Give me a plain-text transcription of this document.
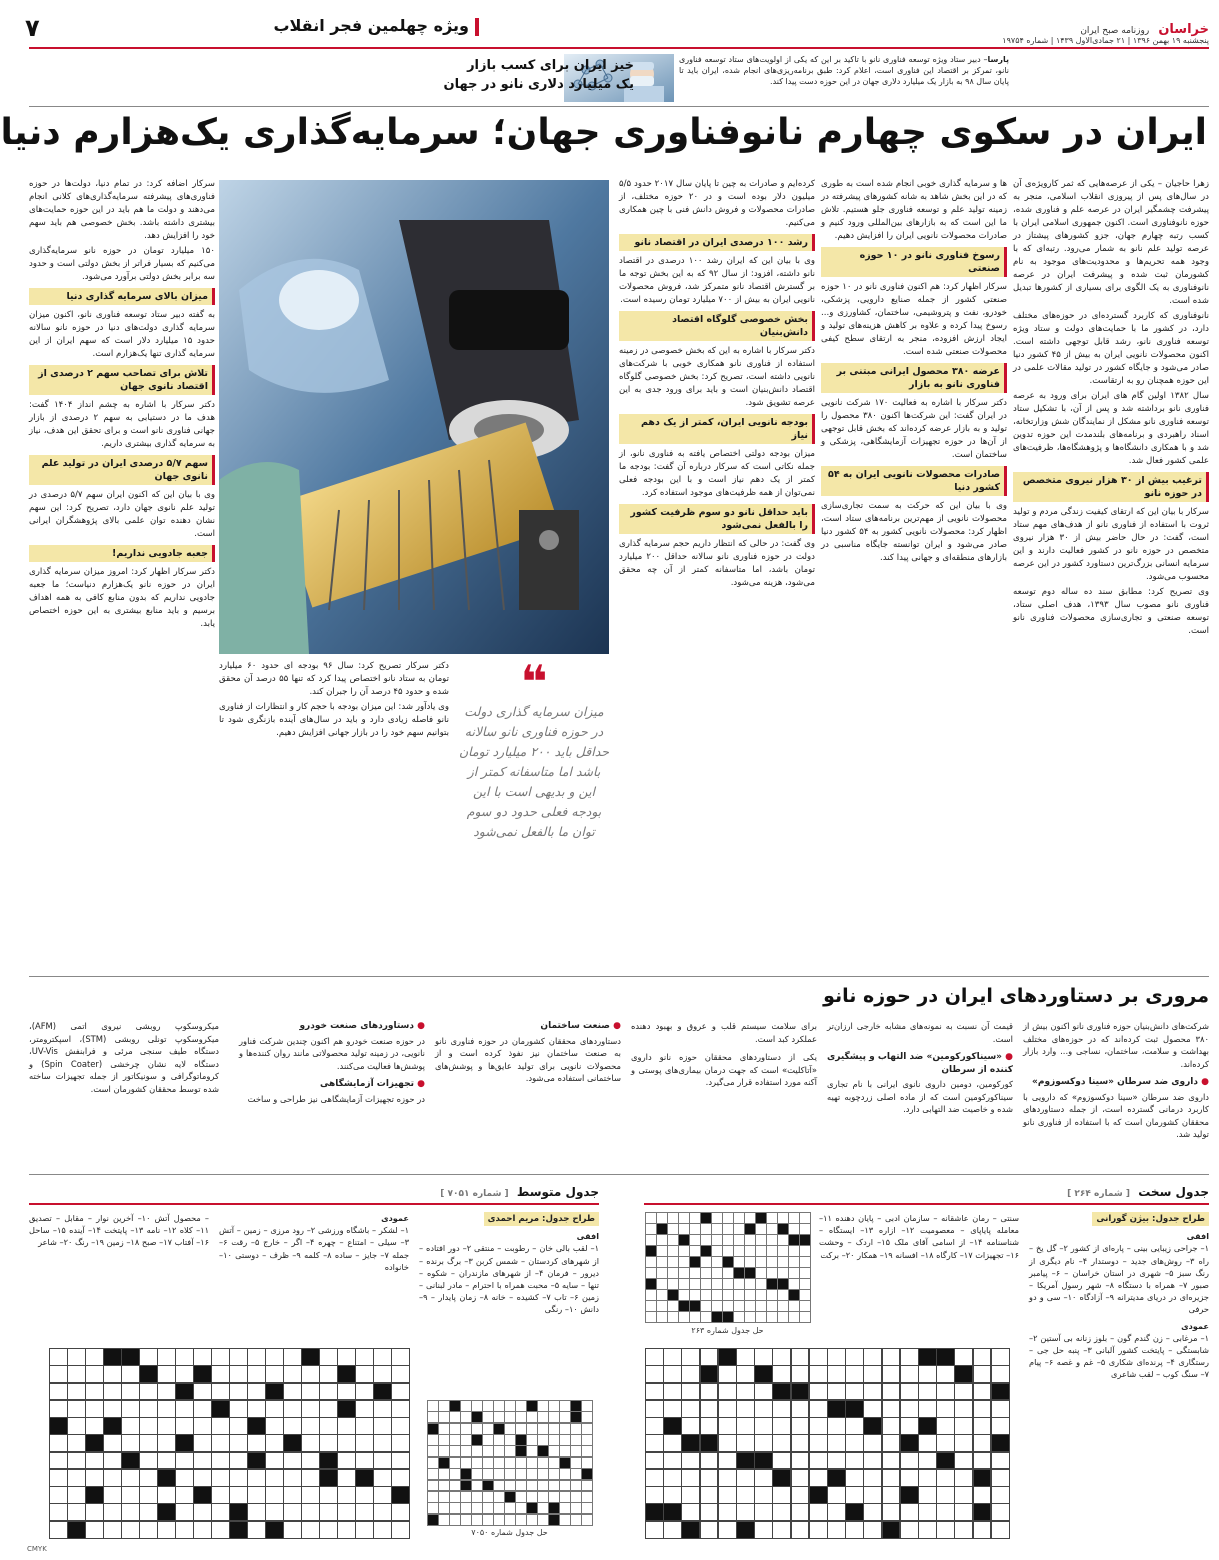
خراسان روزنامه صبح ایران
ویژه چهلمین فجر انقلاب
۷	پنجشنبه ۱۹ بهمن ۱۳۹۶ | ۲۱ جمادی‌الاول ۱۴۳۹ | شماره ۱۹۷۵۴
پارسا– دبیر ستاد ویژه توسعه فناوری نانو با تاکید بر این که یکی از اولویت‌های ستاد توسعه فناوری نانو، تمرکز بر اقتصاد این فناوری است، اعلام کرد: طبق برنامه‌ریزی‌های انجام شده، ایران باید تا پایان سال ۹۸ به بازار یک میلیارد دلاری جهان در این حوزه دست پیدا کند.
خیز ایران برای کسب بازار
یک میلیارد دلاری نانو در جهان
ایران در سکوی چهارم نانوفناوری جهان؛ سرمایه‌گذاری یک‌هزارم دنیا

زهرا حاجیان – یکی از عرصه‌هایی که ثمر کارویژه‌ی آن در سال‌های پس از پیروزی انقلاب اسلامی، منجر به پیشرفت چشمگیر ایران در عرصه علم و فناوری شده، حوزه نانوفناوری است. اکنون جمهوری اسلامی ایران با کسب رتبه چهارم جهان، جزو کشورهای پیشتاز در عرصه تولید علم نانو به شمار می‌رود. رتبه‌ای که با وجود همه تحریم‌ها و محدودیت‌های موجود به نام کشورمان ثبت شده و پیشرفت ایران در عرصه نانوفناوری به یک الگوی برای بسیاری از کشورها تبدیل شده است.

نانوفناوری که کاربرد گسترده‌ای در حوزه‌های مختلف دارد، در کشور ما با حمایت‌های دولت و ستاد ویژه توسعه فناوری نانو، رشد قابل توجهی داشته است. اکنون محصولات نانویی ایران به بیش از ۴۵ کشور دنیا صادر می‌شود و جایگاه کشور در تولید مقالات علمی در این حوزه همچنان رو به ارتقاست.

سال ۱۳۸۲ اولین گام های ایران برای ورود به عرصه فناوری نانو برداشته شد و پس از آن، با تشکیل ستاد توسعه فناوری نانو مشکل از نمایندگان شش وزارتخانه، اسناد راهبردی و برنامه‌های بلندمدت این حوزه تدوین شد و با همکاری دانشگاه‌ها و پژوهشگاه‌ها، ظرفیت‌های علمی کشور فعال شد.

ترغیب بیش از ۳۰ هزار نیروی متخصص در حوزه نانو

سرکار با بیان این که ارتقای کیفیت زندگی مردم و تولید ثروت با استفاده از فناوری نانو از هدف‌های مهم ستاد است، گفت: در حال حاضر بیش از ۳۰ هزار نیروی متخصص در حوزه نانو در کشور فعالیت دارند و این سرمایه انسانی بزرگ‌ترین دستاورد کشور در این عرصه محسوب می‌شود.

وی تصریح کرد: مطابق سند ده ساله دوم توسعه فناوری نانو مصوب سال ۱۳۹۳، هدف اصلی ستاد، توسعه صنعتی و تجاری‌سازی محصولات فناوری نانو است.

ها و سرمایه گذاری خوبی انجام شده است به طوری که در این بخش شاهد به شانه کشورهای پیشرفته در زمینه تولید علم و توسعه فناوری جلو هستیم. تلاش ما این است که به بازارهای بین‌المللی ورود کنیم و صادرات محصولات نانویی ایران را افزایش دهیم.

رسوخ فناوری نانو در ۱۰ حوزه صنعتی

سرکار اظهار کرد: هم اکنون فناوری نانو در ۱۰ حوزه صنعتی کشور از جمله صنایع دارویی، پزشکی، خودرو، نفت و پتروشیمی، ساختمان، کشاورزی و... رسوخ پیدا کرده و علاوه بر کاهش هزینه‌های تولید و ایجاد ارزش افزوده، منجر به ارتقای سطح کیفی محصولات صنعتی شده است.

عرضه ۳۸۰ محصول ایرانی مبتنی بر فناوری نانو به بازار

دکتر سرکار با اشاره به فعالیت ۱۷۰ شرکت نانویی در ایران گفت: این شرکت‌ها اکنون ۳۸۰ محصول را تولید و به بازار عرضه کرده‌اند که بخش قابل توجهی از آن‌ها در حوزه تجهیزات آزمایشگاهی، پزشکی و ساختمان است.

صادرات محصولات نانویی ایران به ۵۴ کشور دنیا

وی با بیان این که حرکت به سمت تجاری‌سازی محصولات نانویی از مهم‌ترین برنامه‌های ستاد است، اظهار کرد: محصولات نانویی کشور به ۵۴ کشور دنیا صادر می‌شود و ایران توانسته جایگاه مناسبی در بازارهای منطقه‌ای و جهانی پیدا کند.

کرده‌ایم و صادرات به چین تا پایان سال ۲۰۱۷ حدود ۵/۵ میلیون دلار بوده است و در ۲۰ حوزه مختلف، از صادرات محصولات و فروش دانش فنی با چین همکاری می‌کنیم.

رشد ۱۰۰ درصدی ایران در اقتصاد نانو

وی با بیان این که ایران رشد ۱۰۰ درصدی در اقتصاد نانو داشته، افزود: از سال ۹۲ که به این بخش توجه ما بر گسترش اقتصاد نانو متمرکز شد، فروش محصولات نانویی ایران به بیش از ۷۰۰ میلیارد تومان رسیده است.

بخش خصوصی گلوگاه اقتصاد دانش‌بنیان

دکتر سرکار با اشاره به این که بخش خصوصی در زمینه استفاده از فناوری نانو همکاری خوبی با شرکت‌های نانویی داشته است، تصریح کرد: بخش خصوصی گلوگاه اقتصاد دانش‌بنیان است و باید برای ورود جدی به این عرصه تشویق شود.

بودجه نانویی ایران، کمتر از یک دهم نیاز

میزان بودجه دولتی اختصاص یافته به فناوری نانو، از جمله نکاتی است که سرکار درباره آن گفت: بودجه ما کمتر از یک دهم نیاز است و با این بودجه فعلی نمی‌توان از همه ظرفیت‌های موجود استفاده کرد.

باید حداقل نانو دو سوم ظرفیت کشور را بالفعل نمی‌شود

وی گفت: در حالی که انتظار داریم حجم سرمایه گذاری دولت در حوزه فناوری نانو سالانه حداقل ۲۰۰ میلیارد تومان باشد، اما متاسفانه کمتر از آن چه محقق می‌شود، هزینه می‌شود.

دکتر سرکار تصریح کرد: سال ۹۶ بودجه ای حدود ۶۰ میلیارد تومان به ستاد نانو اختصاص پیدا کرد که تنها ۵۵ درصد آن محقق شده و حدود ۴۵ درصد آن را جبران کند.

وی یادآور شد: این میزان بودجه با حجم کار و انتظارات از فناوری نانو فاصله زیادی دارد و باید در سال‌های آینده بازنگری شود تا بتوانیم سهم خود را در بازار جهانی افزایش دهیم.

❝
میزان سرمایه گذاری دولت در حوزه فناوری نانو سالانه حداقل باید ۲۰۰ میلیارد تومان باشد اما متاسفانه کمتر از این و بدیهی است با این بودجه فعلی حدود دو سوم توان ما بالفعل نمی‌شود

سرکار اضافه کرد: در تمام دنیا، دولت‌ها در حوزه فناوری‌های پیشرفته سرمایه‌گذاری‌های کلانی انجام می‌دهند و دولت ما هم باید در این حوزه حمایت‌های بیشتری داشته باشد. بخش خصوصی هم باید سهم خود را افزایش دهد.

۱۵۰ میلیارد تومان در حوزه نانو سرمایه‌گذاری می‌کنیم که بسیار فراتر از بخش دولتی است و حدود سه برابر بخش دولتی برآورد می‌شود.

میزان بالای سرمایه گذاری دنیا

به گفته دبیر ستاد توسعه فناوری نانو، اکنون میزان سرمایه گذاری دولت‌های دنیا در حوزه نانو سالانه حدود ۱۵ میلیارد دلار است که سهم ایران از این سرمایه گذاری تنها یک‌هزارم است.

تلاش برای تصاحب سهم ۲ درصدی از اقتصاد نانوی جهان

دکتر سرکار با اشاره به چشم انداز ۱۴۰۴ گفت: هدف ما در دستیابی به سهم ۲ درصدی از بازار جهانی فناوری نانو است و برای تحقق این هدف، نیاز به سرمایه گذاری بیشتری داریم.

سهم ۵/۷ درصدی ایران در تولید علم نانوی جهان

وی با بیان این که اکنون ایران سهم ۵/۷ درصدی در تولید علم نانوی جهان دارد، تصریح کرد: این سهم نشان دهنده توان علمی بالای پژوهشگران ایرانی است.

جعبه جادویی نداریم!

دکتر سرکار اظهار کرد: امروز میزان سرمایه گذاری ایران در حوزه نانو یک‌هزارم دنیاست؛ ما جعبه جادویی نداریم که بدون منابع کافی به همه اهداف برسیم و باید منابع بیشتری به این حوزه اختصاص یابد.

مروری بر دستاوردهای ایران در حوزه نانو

شرکت‌های دانش‌بنیان حوزه فناوری نانو اکنون بیش از ۳۸۰ محصول ثبت کرده‌اند که در حوزه‌های مختلف بهداشت و سلامت، ساختمان، نساجی و... وارد بازار کرده‌اند.

● داروی ضد سرطان «سینا دوکسوزوم»

داروی ضد سرطان «سینا دوکسوزوم» که دارویی با کاربرد درمانی گسترده است، از جمله دستاوردهای محققان کشورمان است که با استفاده از فناوری نانو تولید شد.

قیمت آن نسبت به نمونه‌های مشابه خارجی ارزان‌تر است.

● «سیناکورکومین» ضد التهاب و پیشگیری کننده از سرطان

کورکومین، دومین داروی نانوی ایرانی با نام تجاری سیناکورکومین است که از ماده اصلی زردچوبه تهیه شده و خاصیت ضد التهابی دارد.

برای سلامت سیستم قلب و عروق و بهبود دهنده عملکرد کبد است.

یکی از دستاوردهای محققان حوزه نانو داروی «آتاکلیت» است که جهت درمان بیماری‌های پوستی و آکنه مورد استفاده قرار می‌گیرد.

● صنعت ساختمان

دستاوردهای محققان کشورمان در حوزه فناوری نانو به صنعت ساختمان نیز نفوذ کرده است و از محصولات نانویی برای تولید عایق‌ها و پوشش‌های ساختمانی استفاده می‌شود.

● دستاوردهای صنعت خودرو

در حوزه صنعت خودرو هم اکنون چندین شرکت فناور نانویی، در زمینه تولید محصولاتی مانند روان کننده‌ها و پوشش‌ها فعالیت می‌کنند.

● تجهیزات آزمایشگاهی

در حوزه تجهیزات آزمایشگاهی نیز طراحی و ساخت

میکروسکوپ روبشی نیروی اتمی (AFM)، میکروسکوپ تونلی روبشی (STM)، اسپکترومتر، دستگاه طیف سنجی مرئی و فرابنفش UV-Vis، دستگاه لایه نشان چرخشی (Spin Coater) و کروماتوگرافی و سونیکاتور از جمله تجهیزات ساخته شده توسط محققان کشورمان است.

جدول سخت [ شماره ۲۶۴ ]
جدول متوسط [ شماره ۷۰۵۱ ]
طراح جدول: بیژن گورانی
افقی
۱– جراحی زیبایی بینی – پاره‌ای از کشور ۲– گل یخ – راه ۳– روش‌های جدید – دوستدار ۴– نام دیگری از رنگ سبز ۵– شهری در استان خراسان – ۶– پیامبر صبور ۷– همراه با دستگاه ۸– شهر رسول آمریکا – جزیره‌ای در دریای مدیترانه ۹– آزادگاه ۱۰– سی و دو حرفی
عمودی
۱– مرغابی – زن گندم گون – بلوز زنانه بی آستین ۲– شابستگی – پایتخت کشور آلبانی ۳– پنبه حل جی – رستگاری ۴– پرنده‌ای شکاری ۵– غم و غصه ۶– پیام ۷– سنگ کوب – لقب شاعری
سنتی – رمان عاشقانه – سازمان ادبی – پایان دهنده ۱۱– معامله پایاپای – معصومیت ۱۲– ازاره ۱۳– ایستگاه – شناسنامه ۱۴– از اسامی آقای ملک ۱۵– اردک – وحشت ۱۶– تجهیزات ۱۷– کارگاه ۱۸– افسانه ۱۹– همکار ۲۰– برکت
حل جدول شماره ۲۶۳
طراح جدول: مریم احمدی
افقی
۱– لقب بالی خان – رطوبت – منتقی ۲– دور افتاده – از شهرهای کردستان – شمس کربن ۳– برگ برنده – دیرور – فرمان ۴– از شهرهای مازندران – شکوه – تنها – سایه ۵– محبت همراه با احترام – مادر لبنانی – زمین ۶– تاب ۷– کشیده – خانه ۸– زمان پایدار – ۹– دانش ۱۰– رنگی
عمودی
۱– لشکر – باشگاه ورزشی ۲– رود مرزی – زمین – آتش ۳– سیلی – امتناع – چهره ۴– اگر – خارج ۵– رقت ۶– جمله ۷– جایز – ساده ۸– کلمه ۹– ظرف – دوستی ۱۰– خانواده
– محصول آتش ۱۰– آخرین نوار – مقابل – تصدیق ۱۱– کلاه ۱۲– نامه ۱۳– پایتخت ۱۴– آینده ۱۵– ساحل ۱۶– آفتاب ۱۷– صبح ۱۸– زمین ۱۹– رنگ ۲۰– شاعر
حل جدول شماره ۷۰۵۰
CMYK
